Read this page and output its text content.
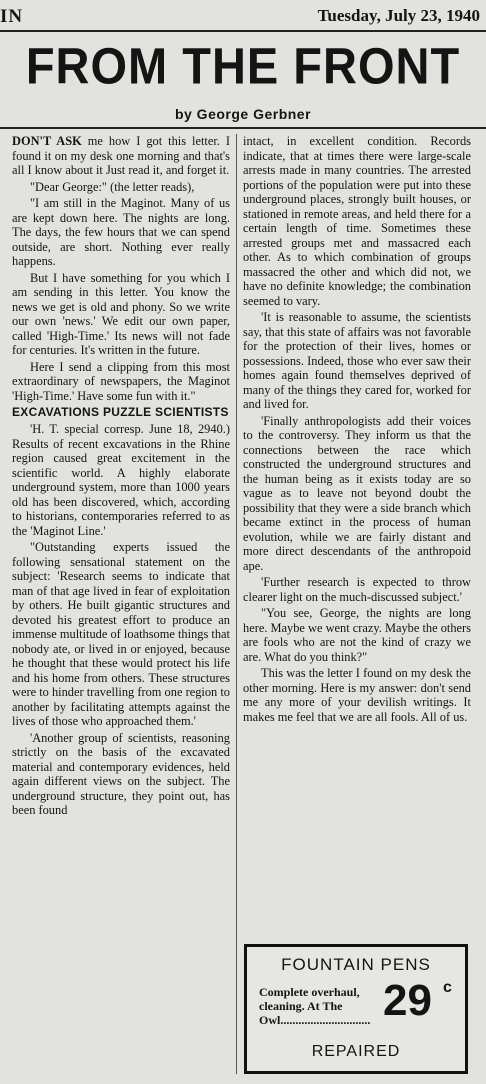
IN	Tuesday, July 23, 1940
FROM THE FRONT
by George Gerbner

DON'T ASK me how I got this letter. I found it on my desk one morning and that's all I know about it Just read it, and forget it.

"Dear George:" (the letter reads),

"I am still in the Maginot. Many of us are kept down here. The nights are long. The days, the few hours that we can spend outside, are short. Nothing ever really happens.

But I have something for you which I am sending in this letter. You know the news we get is old and phony. So we write our own 'news.' We edit our own paper, called 'High-Time.' Its news will not fade for centuries. It's written in the future.

Here I send a clipping from this most extraordinary of newspapers, the Maginot 'High-Time.' Have some fun with it."

EXCAVATIONS PUZZLE SCIENTISTS

'H. T. special corresp. June 18, 2940.) Results of recent excavations in the Rhine region caused great excitement in the scientific world. A highly elaborate underground system, more than 1000 years old has been discovered, which, according to historians, contemporaries referred to as the 'Maginot Line.'

"Outstanding experts issued the following sensational statement on the subject: 'Research seems to indicate that man of that age lived in fear of exploitation by others. He built gigantic structures and devoted his greatest effort to produce an immense multitude of loathsome things that nobody ate, or lived in or enjoyed, because he thought that these would protect his life and his home from others. These structures were to hinder travelling from one region to another by facilitating attempts against the lives of those who approached them.'

'Another group of scientists, reasoning strictly on the basis of the excavated material and contemporary evidences, held again different views on the subject. The underground structure, they point out, has been found

intact, in excellent condition. Records indicate, that at times there were large-scale arrests made in many countries. The arrested portions of the population were put into these underground places, strongly built houses, or stationed in remote areas, and held there for a certain length of time. Sometimes these arrested groups met and massacred each other. As to which combination of groups massacred the other and which did not, we have no definite knowledge; the combination seemed to vary.

'It is reasonable to assume, the scientists say, that this state of affairs was not favorable for the protection of their lives, homes or possessions. Indeed, those who ever saw their homes again found themselves deprived of many of the things they cared for, worked for and lived for.

'Finally anthropologists add their voices to the controversy. They inform us that the connections between the race which constructed the underground structures and the human being as it exists today are so vague as to leave not beyond doubt the possibility that they were a side branch which became extinct in the process of human evolution, while we are fairly distant and more direct descendants of the anthropoid ape.

'Further research is expected to throw clearer light on the much-discussed subject.'

"You see, George, the nights are long here. Maybe we went crazy. Maybe the others are fools who are not the kind of crazy we are. What do you think?"

This was the letter I found on my desk the other morning. Here is my answer: don't send me any more of your devilish writings. It makes me feel that we are all fools. All of us.

FOUNTAIN PENS
Complete overhaul, cleaning. At The Owl.............................. 29 c
REPAIRED
